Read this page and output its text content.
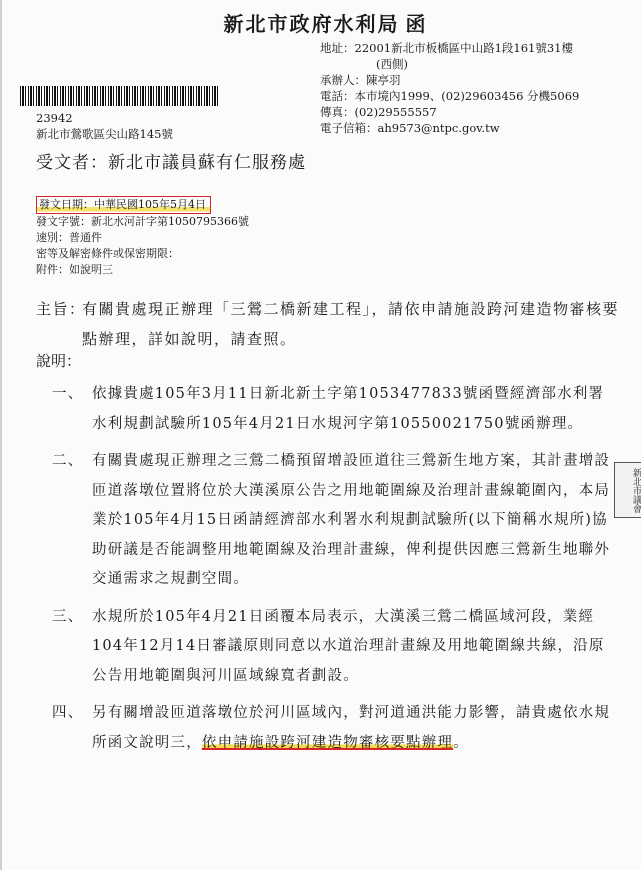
新北市政府水利局 函
地址：22001新北市板橋區中山路1段161號31樓
(西側)
承辦人：陳亭羽
電話：本市境內1999、(02)29603456 分機5069
傳真：(02)29555557
電子信箱：ah9573@ntpc.gov.tw
23942
新北市鶯歌區尖山路145號
受文者：新北市議員蘇有仁服務處
發文日期：中華民國105年5月4日
發文字號：新北水河計字第1050795366號
速別：普通件
密等及解密條件或保密期限：
附件：如說明三
主旨：
有關貴處現正辦理「三鶯二橋新建工程」，請依申請施設跨河建造物審核要點辦理，詳如說明，請查照。
說明：
一、 依據貴處105年3月11日新北新土字第1053477833號函暨經濟部水利署水利規劃試驗所105年4月21日水規河字第10550021750號函辦理。
二、 有關貴處現正辦理之三鶯二橋預留增設匝道往三鶯新生地方案，其計畫增設匝道落墩位置將位於大漢溪原公告之用地範圍線及治理計畫線範圍內，本局業於105年4月15日函請經濟部水利署水利規劃試驗所(以下簡稱水規所)協助研議是否能調整用地範圍線及治理計畫線，俾利提供因應三鶯新生地聯外交通需求之規劃空間。
三、 水規所於105年4月21日函覆本局表示，大漢溪三鶯二橋區域河段，業經104年12月14日審議原則同意以水道治理計畫線及用地範圍線共線，沿原公告用地範圍與河川區域線寬者劃設。
四、 另有關增設匝道落墩位於河川區域內，對河道通洪能力影響，請貴處依水規所函文說明三，依申請施設跨河建造物審核要點辦理。
新北市議會
